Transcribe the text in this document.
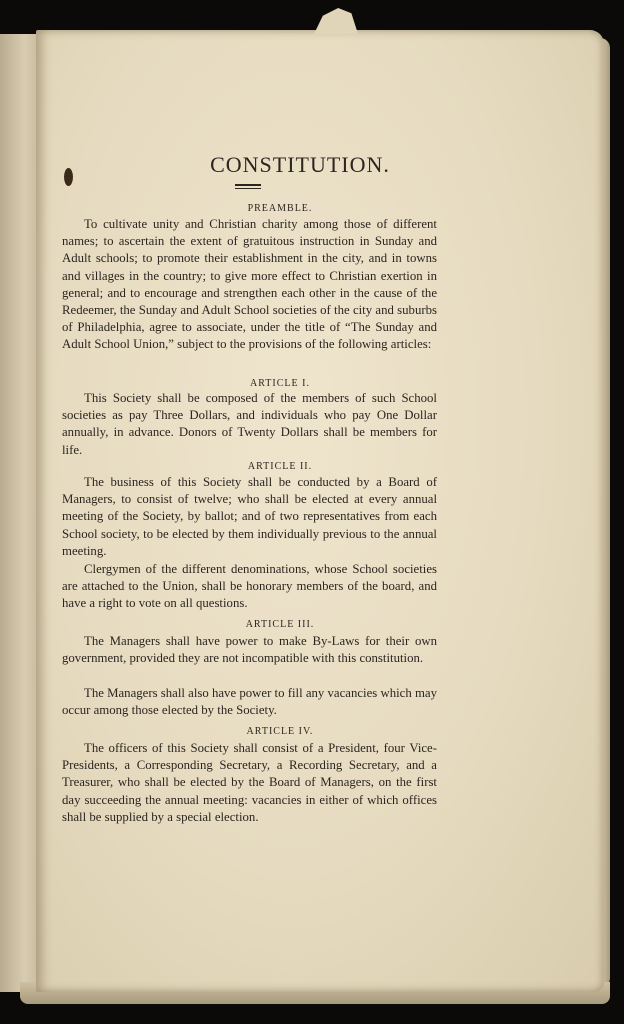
CONSTITUTION.
PREAMBLE.
To cultivate unity and Christian charity among those of different names; to ascertain the extent of gratuitous instruction in Sunday and Adult schools; to promote their establishment in the city, and in towns and villages in the country; to give more effect to Christian exertion in general; and to encourage and strengthen each other in the cause of the Redeemer, the Sunday and Adult School societies of the city and suburbs of Philadelphia, agree to associate, under the title of “The Sunday and Adult School Union,” subject to the provisions of the following articles:
ARTICLE I.
This Society shall be composed of the members of such School societies as pay Three Dollars, and individuals who pay One Dollar annually, in advance. Donors of Twenty Dollars shall be members for life.
ARTICLE II.
The business of this Society shall be conducted by a Board of Managers, to consist of twelve; who shall be elected at every annual meeting of the Society, by ballot; and of two representatives from each School society, to be elected by them individually previous to the annual meeting.
Clergymen of the different denominations, whose School societies are attached to the Union, shall be honorary members of the board, and have a right to vote on all questions.
ARTICLE III.
The Managers shall have power to make By-Laws for their own government, provided they are not incompatible with this constitution.
The Managers shall also have power to fill any vacancies which may occur among those elected by the Society.
ARTICLE IV.
The officers of this Society shall consist of a President, four Vice-Presidents, a Corresponding Secretary, a Recording Secretary, and a Treasurer, who shall be elected by the Board of Managers, on the first day succeeding the annual meeting: vacancies in either of which offices shall be supplied by a special election.
